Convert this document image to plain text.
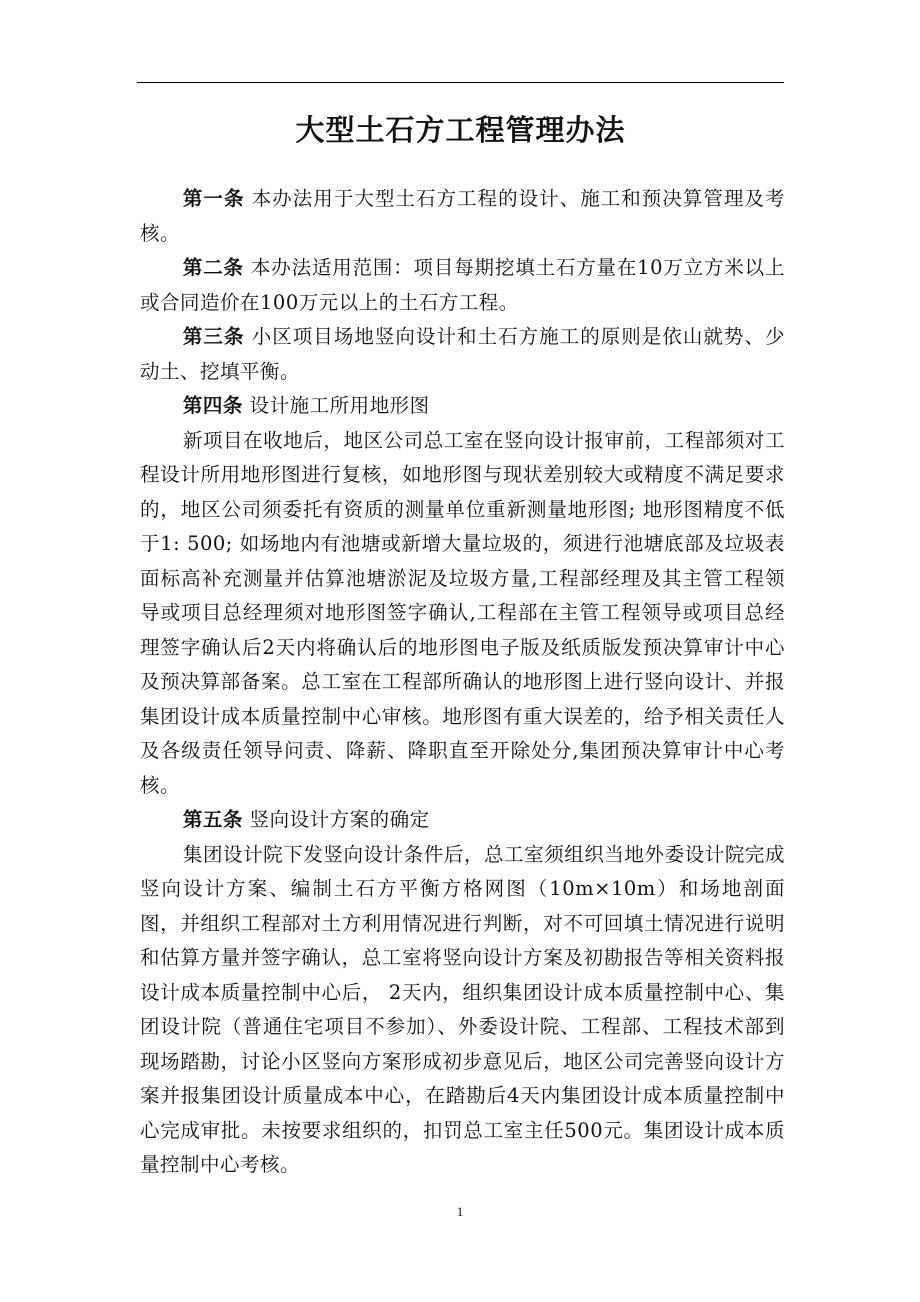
大型土石方工程管理办法

第一条 本办法用于大型土石方工程的设计、施工和预决算管理及考核。

第二条 本办法适用范围：项目每期挖填土石方量在10万立方米以上或合同造价在100万元以上的土石方工程。

第三条 小区项目场地竖向设计和土石方施工的原则是依山就势、少动土、挖填平衡。

第四条 设计施工所用地形图

新项目在收地后，地区公司总工室在竖向设计报审前，工程部须对工程设计所用地形图进行复核，如地形图与现状差别较大或精度不满足要求的，地区公司须委托有资质的测量单位重新测量地形图; 地形图精度不低于1: 500; 如场地内有池塘或新增大量垃圾的，须进行池塘底部及垃圾表面标高补充测量并估算池塘淤泥及垃圾方量,工程部经理及其主管工程领导或项目总经理须对地形图签字确认,工程部在主管工程领导或项目总经理签字确认后2天内将确认后的地形图电子版及纸质版发预决算审计中心及预决算部备案。总工室在工程部所确认的地形图上进行竖向设计、并报集团设计成本质量控制中心审核。地形图有重大误差的，给予相关责任人及各级责任领导问责、降薪、降职直至开除处分,集团预决算审计中心考核。

第五条 竖向设计方案的确定

集团设计院下发竖向设计条件后，总工室须组织当地外委设计院完成竖向设计方案、编制土石方平衡方格网图（10m×10m）和场地剖面图，并组织工程部对土方利用情况进行判断，对不可回填土情况进行说明和估算方量并签字确认，总工室将竖向设计方案及初勘报告等相关资料报设计成本质量控制中心后， 2天内，组织集团设计成本质量控制中心、集团设计院（普通住宅项目不参加）、外委设计院、工程部、工程技术部到现场踏勘，讨论小区竖向方案形成初步意见后，地区公司完善竖向设计方案并报集团设计质量成本中心，在踏勘后4天内集团设计成本质量控制中心完成审批。未按要求组织的，扣罚总工室主任500元。集团设计成本质量控制中心考核。

1
